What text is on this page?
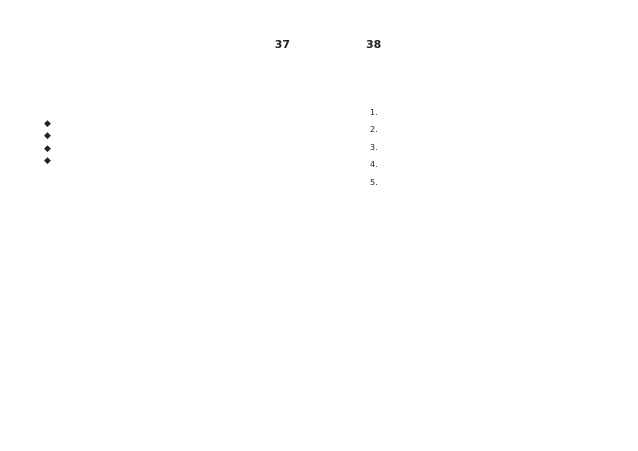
37

◆
◆
◆
◆

38

1.
2.
3.
4.
5.
